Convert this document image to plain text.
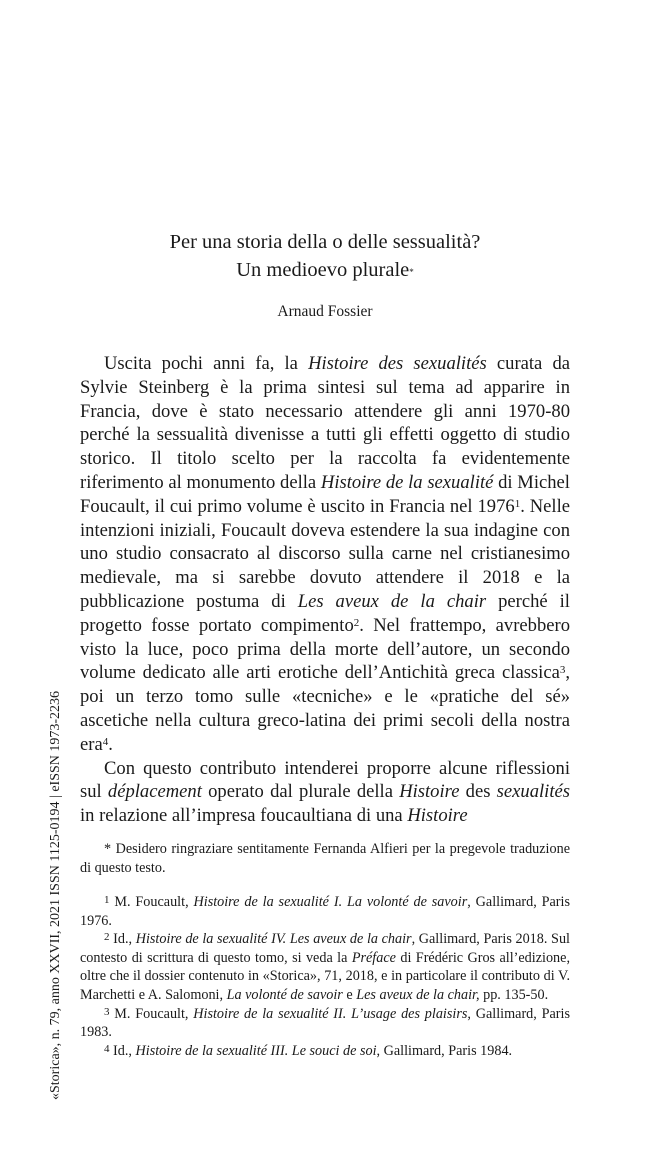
Per una storia della o delle sessualità?
Un medioevo plurale*
Arnaud Fossier

Uscita pochi anni fa, la Histoire des sexualités curata da Sylvie Steinberg è la prima sintesi sul tema ad apparire in Francia, dove è stato necessario attendere gli anni 1970-80 perché la sessualità divenisse a tutti gli effetti oggetto di studio storico. Il titolo scelto per la raccolta fa evidentemente riferimento al monumento della Histoire de la sexualité di Michel Foucault, il cui primo volume è uscito in Francia nel 1976$^1$. Nelle intenzioni iniziali, Foucault doveva estendere la sua indagine con uno studio consacrato al discorso sulla carne nel cristianesimo medievale, ma si sarebbe dovuto attendere il 2018 e la pubblicazione postuma di Les aveux de la chair perché il progetto fosse portato compimento$^2$. Nel frattempo, avrebbero visto la luce, poco prima della morte dell’autore, un secondo volume dedicato alle arti erotiche dell’Antichità greca classica$^3$, poi un terzo tomo sulle «tecniche» e le «pratiche del sé» ascetiche nella cultura greco-latina dei primi secoli della nostra era$^4$.

Con questo contributo intenderei proporre alcune riflessioni sul déplacement operato dal plurale della Histoire des sexualités in relazione all’impresa foucaultiana di una Histoire

* Desidero ringraziare sentitamente Fernanda Alfieri per la pregevole traduzione di questo testo.

$^1$ M. Foucault, Histoire de la sexualité I. La volonté de savoir, Gallimard, Paris 1976.

$^2$ Id., Histoire de la sexualité IV. Les aveux de la chair, Gallimard, Paris 2018. Sul contesto di scrittura di questo tomo, si veda la Préface di Frédéric Gros all’edizione, oltre che il dossier contenuto in «Storica», 71, 2018, e in particolare il contributo di V. Marchetti e A. Salomoni, La volonté de savoir e Les aveux de la chair, pp. 135-50.

$^3$ M. Foucault, Histoire de la sexualité II. L’usage des plaisirs, Gallimard, Paris 1983.

$^4$ Id., Histoire de la sexualité III. Le souci de soi, Gallimard, Paris 1984.

«Storica», n. 79, anno XXVII, 2021 ISSN 1125-0194 | eISSN 1973-2236
